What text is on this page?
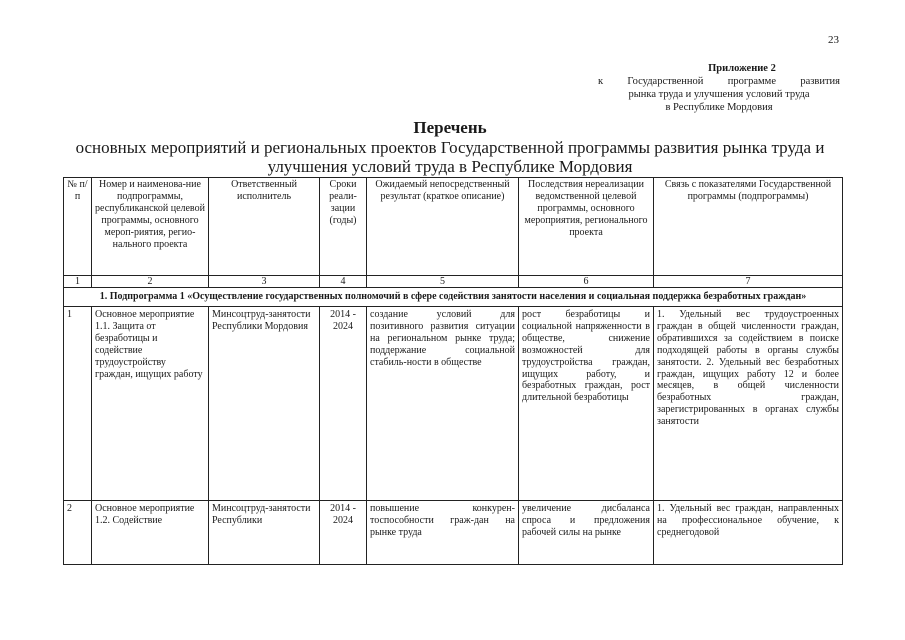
23
Приложение 2
к Государственной программе развития
рынка труда и улучшения условий труда
в Республике Мордовия
Перечень
основных мероприятий и региональных проектов Государственной программы развития рынка труда и
улучшения условий труда в Республике Мордовия
№ п/п	Номер и наименова-ние подпрограммы, республиканской целевой программы, основного мероп-риятия, регио-нального проекта	Ответственный исполнитель	Сроки реали-зации (годы)	Ожидаемый непосредственный результат (краткое описание)	Последствия нереализации ведомственной целевой программы, основного мероприятия, регионального проекта	Связь с показателями Государственной программы (подпрограммы)
1	2	3	4	5	6	7
1. Подпрограмма 1 «Осуществление государственных полномочий в сфере содействия занятости населения и социальная поддержка безработных граждан»						
1	Основное мероприятие 1.1. Защита от безработицы и содействие трудоустройству граждан, ищущих работу	Минсоцтруд-занятости Республики Мордовия	2014 - 2024	создание условий для позитивного развития ситуации на региональном рынке труда; поддержание социальной стабиль-ности в обществе	рост безработицы и социальной напряженности в обществе, снижение возможностей для трудоустройства граждан, ищущих работу, и безработных граждан, рост длительной безработицы	1. Удельный вес трудоустроенных граждан в общей численности граждан, обратившихся за содействием в поиске подходящей работы в органы службы занятости. 2. Удельный вес безработных граждан, ищущих работу 12 и более месяцев, в общей численности безработных граждан, зарегистрированных в органах службы занятости
2	Основное мероприятие 1.2. Содействие	Минсоцтруд-занятости Республики	2014 - 2024	повышение конкурен-тоспособности граж-дан на рынке труда	увеличение дисбаланса спроса и предложения рабочей силы на рынке	1. Удельный вес граждан, направленных на профессиональное обучение, к среднегодовой
